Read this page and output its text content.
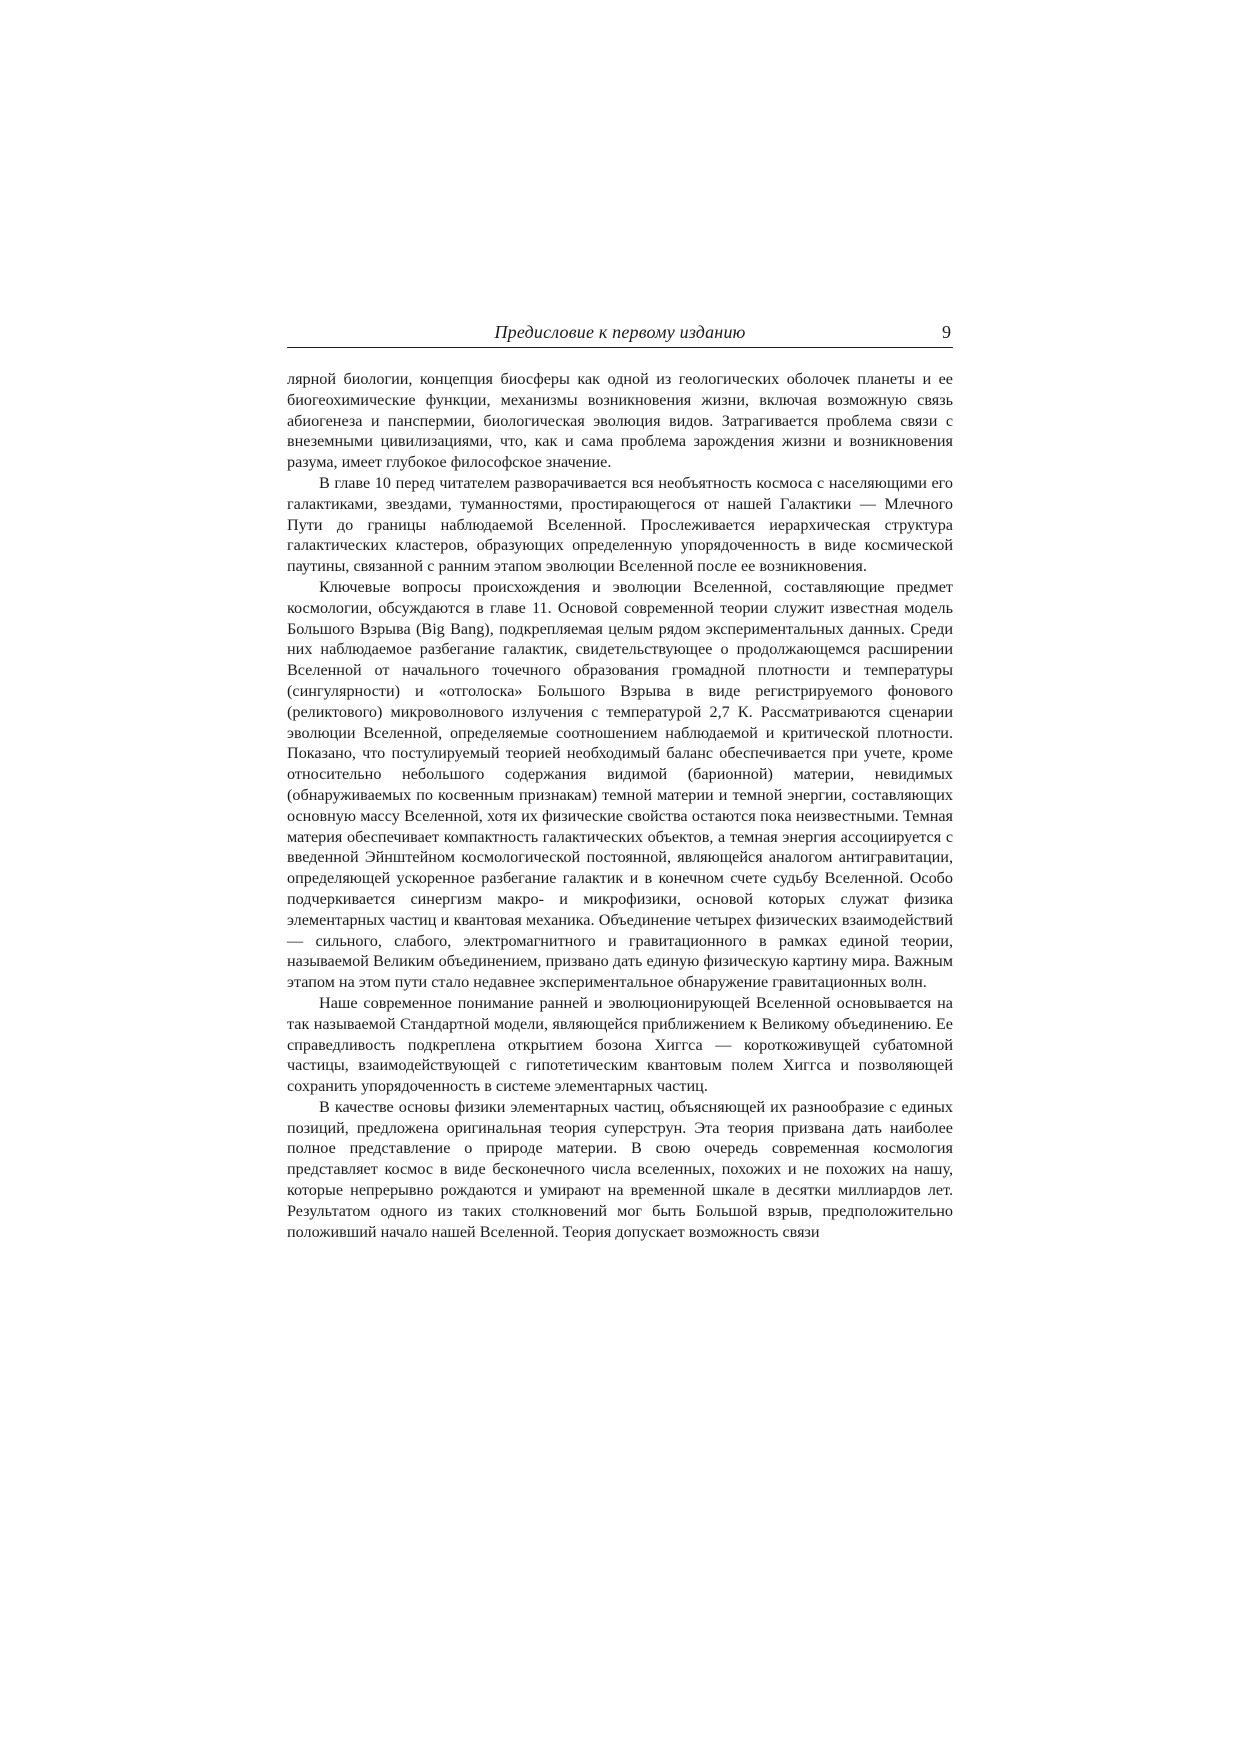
Предисловие к первому изданию	9

лярной биологии, концепция биосферы как одной из геологических оболочек планеты и ее биогеохимические функции, механизмы возникновения жизни, включая возможную связь абиогенеза и панспермии, биологическая эволюция видов. Затрагивается проблема связи с внеземными цивилизациями, что, как и сама проблема зарождения жизни и возникновения разума, имеет глубокое философское значение.

В главе 10 перед читателем разворачивается вся необъятность космоса с населяющими его галактиками, звездами, туманностями, простирающегося от нашей Галактики — Млечного Пути до границы наблюдаемой Вселенной. Прослеживается иерархическая структура галактических кластеров, образующих определенную упорядоченность в виде космической паутины, связанной с ранним этапом эволюции Вселенной после ее возникновения.

Ключевые вопросы происхождения и эволюции Вселенной, составляющие предмет космологии, обсуждаются в главе 11. Основой современной теории служит известная модель Большого Взрыва (Big Bang), подкрепляемая целым рядом экспериментальных данных. Среди них наблюдаемое разбегание галактик, свидетельствующее о продолжающемся расширении Вселенной от начального точечного образования громадной плотности и температуры (сингулярности) и «отголоска» Большого Взрыва в виде регистрируемого фонового (реликтового) микроволнового излучения с температурой 2,7 К. Рассматриваются сценарии эволюции Вселенной, определяемые соотношением наблюдаемой и критической плотности. Показано, что постулируемый теорией необходимый баланс обеспечивается при учете, кроме относительно небольшого содержания видимой (барионной) материи, невидимых (обнаруживаемых по косвенным признакам) темной материи и темной энергии, составляющих основную массу Вселенной, хотя их физические свойства остаются пока неизвестными. Темная материя обеспечивает компактность галактических объектов, а темная энергия ассоциируется с введенной Эйнштейном космологической постоянной, являющейся аналогом антигравитации, определяющей ускоренное разбегание галактик и в конечном счете судьбу Вселенной. Особо подчеркивается синергизм макро- и микрофизики, основой которых служат физика элементарных частиц и квантовая механика. Объединение четырех физических взаимодействий — сильного, слабого, электромагнитного и гравитационного в рамках единой теории, называемой Великим объединением, призвано дать единую физическую картину мира. Важным этапом на этом пути стало недавнее экспериментальное обнаружение гравитационных волн.

Наше современное понимание ранней и эволюционирующей Вселенной основывается на так называемой Стандартной модели, являющейся приближением к Великому объединению. Ее справедливость подкреплена открытием бозона Хиггса — короткоживущей субатомной частицы, взаимодействующей с гипотетическим квантовым полем Хиггса и позволяющей сохранить упорядоченность в системе элементарных частиц.

В качестве основы физики элементарных частиц, объясняющей их разнообразие с единых позиций, предложена оригинальная теория суперструн. Эта теория призвана дать наиболее полное представление о природе материи. В свою очередь современная космология представляет космос в виде бесконечного числа вселенных, похожих и не похожих на нашу, которые непрерывно рождаются и умирают на временной шкале в десятки миллиардов лет. Результатом одного из таких столкновений мог быть Большой взрыв, предположительно положивший начало нашей Вселенной. Теория допускает возможность связи
